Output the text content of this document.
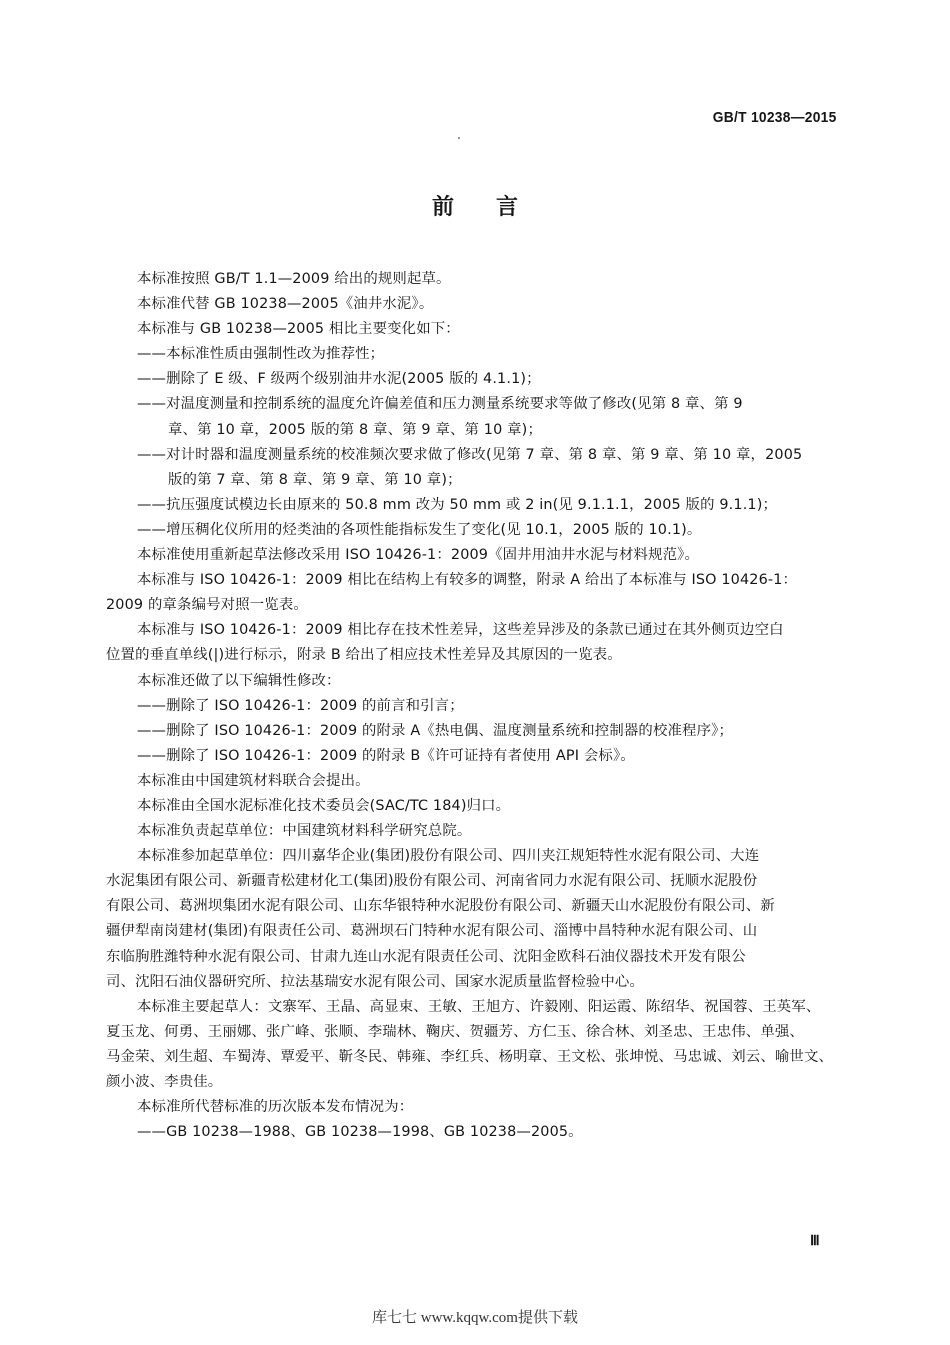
GB/T 10238—2015
前言
本标准按照 GB/T 1.1—2009 给出的规则起草。
本标准代替 GB 10238—2005《油井水泥》。
本标准与 GB 10238—2005 相比主要变化如下：
——本标准性质由强制性改为推荐性；
——删除了 E 级、F 级两个级别油井水泥(2005 版的 4.1.1)；
——对温度测量和控制系统的温度允许偏差值和压力测量系统要求等做了修改(见第 8 章、第 9
章、第 10 章，2005 版的第 8 章、第 9 章、第 10 章)；
——对计时器和温度测量系统的校准频次要求做了修改(见第 7 章、第 8 章、第 9 章、第 10 章，2005
版的第 7 章、第 8 章、第 9 章、第 10 章)；
——抗压强度试模边长由原来的 50.8 mm 改为 50 mm 或 2 in(见 9.1.1.1，2005 版的 9.1.1)；
——增压稠化仪所用的烃类油的各项性能指标发生了变化(见 10.1，2005 版的 10.1)。
本标准使用重新起草法修改采用 ISO 10426-1：2009《固井用油井水泥与材料规范》。
本标准与 ISO 10426-1：2009 相比在结构上有较多的调整，附录 A 给出了本标准与 ISO 10426-1：
2009 的章条编号对照一览表。
本标准与 ISO 10426-1：2009 相比存在技术性差异，这些差异涉及的条款已通过在其外侧页边空白
位置的垂直单线(|)进行标示，附录 B 给出了相应技术性差异及其原因的一览表。
本标准还做了以下编辑性修改：
——删除了 ISO 10426-1：2009 的前言和引言；
——删除了 ISO 10426-1：2009 的附录 A《热电偶、温度测量系统和控制器的校准程序》；
——删除了 ISO 10426-1：2009 的附录 B《许可证持有者使用 API 会标》。
本标准由中国建筑材料联合会提出。
本标准由全国水泥标准化技术委员会(SAC/TC 184)归口。
本标准负责起草单位：中国建筑材料科学研究总院。
本标准参加起草单位：四川嘉华企业(集团)股份有限公司、四川夹江规矩特性水泥有限公司、大连
水泥集团有限公司、新疆青松建材化工(集团)股份有限公司、河南省同力水泥有限公司、抚顺水泥股份
有限公司、葛洲坝集团水泥有限公司、山东华银特种水泥股份有限公司、新疆天山水泥股份有限公司、新
疆伊犁南岗建材(集团)有限责任公司、葛洲坝石门特种水泥有限公司、淄博中昌特种水泥有限公司、山
东临朐胜潍特种水泥有限公司、甘肃九连山水泥有限责任公司、沈阳金欧科石油仪器技术开发有限公
司、沈阳石油仪器研究所、拉法基瑞安水泥有限公司、国家水泥质量监督检验中心。
本标准主要起草人：文寨军、王晶、高显束、王敏、王旭方、许毅刚、阳运霞、陈绍华、祝国蓉、王英军、
夏玉龙、何勇、王丽娜、张广峰、张顺、李瑞林、鞠庆、贺疆芳、方仁玉、徐合林、刘圣忠、王忠伟、单强、
马金荣、刘生超、车蜀涛、覃爱平、靳冬民、韩雍、李红兵、杨明章、王文松、张坤悦、马忠诚、刘云、喻世文、
颜小波、李贵佳。
本标准所代替标准的历次版本发布情况为：
——GB 10238—1988、GB 10238—1998、GB 10238—2005。
Ⅲ
库七七 www.kqqw.com提供下载
